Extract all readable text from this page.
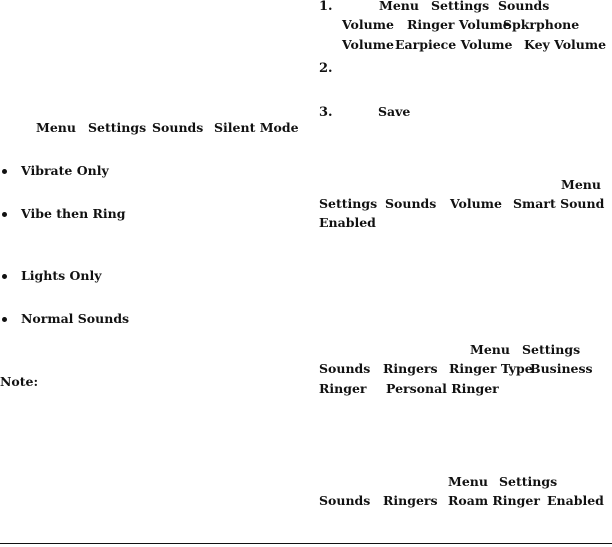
Menu Settings Sounds Silent Mode
Vibrate Only
Vibe then Ring
Lights Only
Normal Sounds
Note:
1.	Menu Settings Sounds
Volume Ringer Volume
Spkrphone
Volume Earpiece Volume Key Volume
2.
3.	Save
Menu
Settings Sounds Volume Smart Sound
Enabled
Menu Settings
Sounds Ringers Ringer Type
Business
Ringer Personal Ringer
Menu Settings
Sounds Ringers Roam Ringer Enabled
